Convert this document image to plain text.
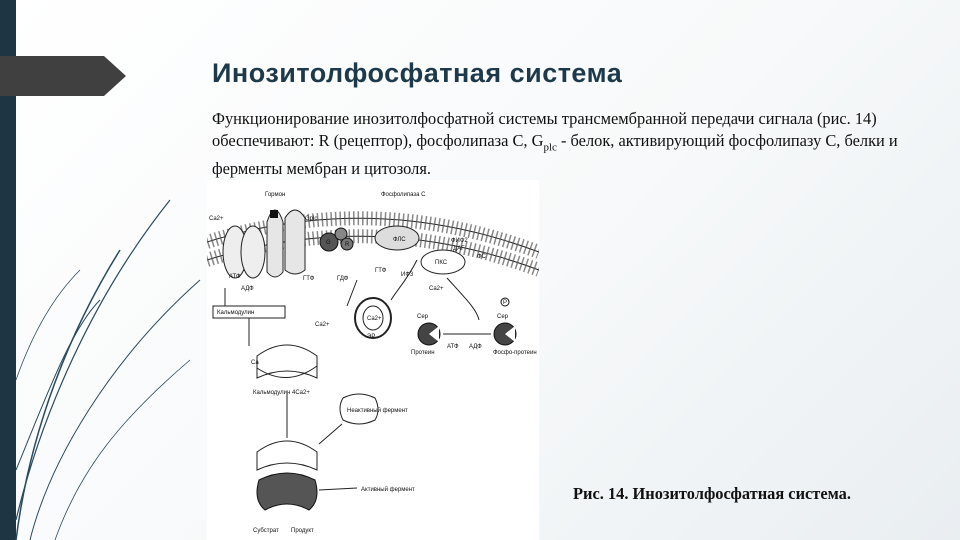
Инозитолфосфатная система

Функционирование инозитолфосфатной системы трансмембранной передачи сигнала (рис. 14) обеспечивают: R (рецептор), фосфолипаза C, $G_{plc}$ - белок, активирующий фосфолипазу С, белки и ферменты мембран и цитозоля.

Гормон	Фосфолипаза С
Gplc
Ca2+
АТФ
АДФ
ГТФ	ГДФ
ГТФ
ИФ3
ФЛС	ФИФ2
ДАГ
ФС
ПКС
Ca2+
Кальмодулин
Ca2+
Ca2+
ЭР
Протеин
АТФ АДФ
Сер	Сер
P
Фосфо-протеин
Ca
Кальмодулин 4Ca2+
Неактивный фермент
Активный фермент
Субстрат Продукт
G R

Рис. 14. Инозитолфосфатная система.
